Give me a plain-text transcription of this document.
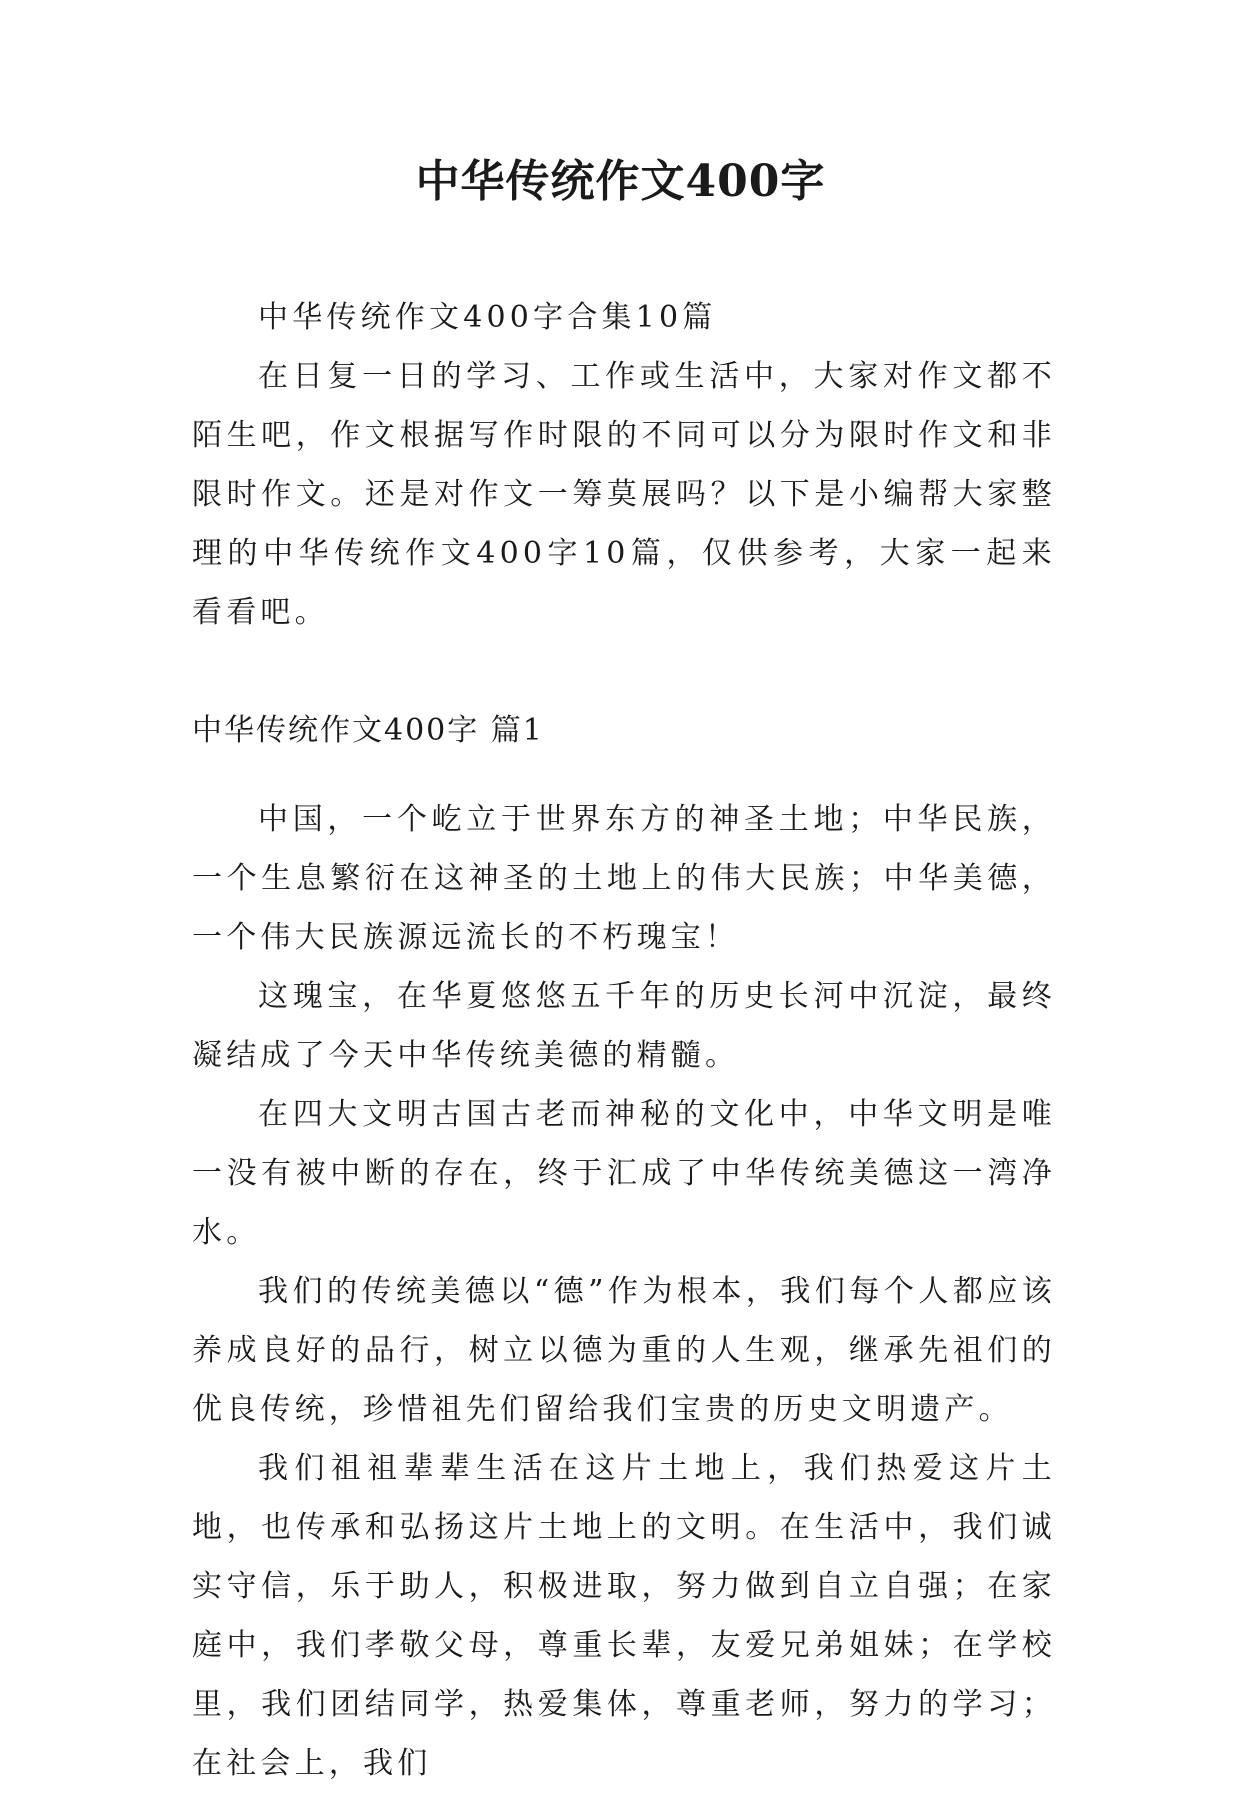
中华传统作文400字

中华传统作文400字合集10篇

在日复一日的学习、工作或生活中，大家对作文都不陌生吧，作文根据写作时限的不同可以分为限时作文和非限时作文。还是对作文一筹莫展吗？以下是小编帮大家整理的中华传统作文400字10篇，仅供参考，大家一起来看看吧。

中华传统作文400字 篇1

中国，一个屹立于世界东方的神圣土地；中华民族，一个生息繁衍在这神圣的土地上的伟大民族；中华美德，一个伟大民族源远流长的不朽瑰宝！

这瑰宝，在华夏悠悠五千年的历史长河中沉淀，最终凝结成了今天中华传统美德的精髓。

在四大文明古国古老而神秘的文化中，中华文明是唯一没有被中断的存在，终于汇成了中华传统美德这一湾净水。

我们的传统美德以“德”作为根本，我们每个人都应该养成良好的品行，树立以德为重的人生观，继承先祖们的优良传统，珍惜祖先们留给我们宝贵的历史文明遗产。

我们祖祖辈辈生活在这片土地上，我们热爱这片土地，也传承和弘扬这片土地上的文明。在生活中，我们诚实守信，乐于助人，积极进取，努力做到自立自强；在家庭中，我们孝敬父母，尊重长辈，友爱兄弟姐妹；在学校里，我们团结同学，热爱集体，尊重老师，努力的学习；在社会上，我们
